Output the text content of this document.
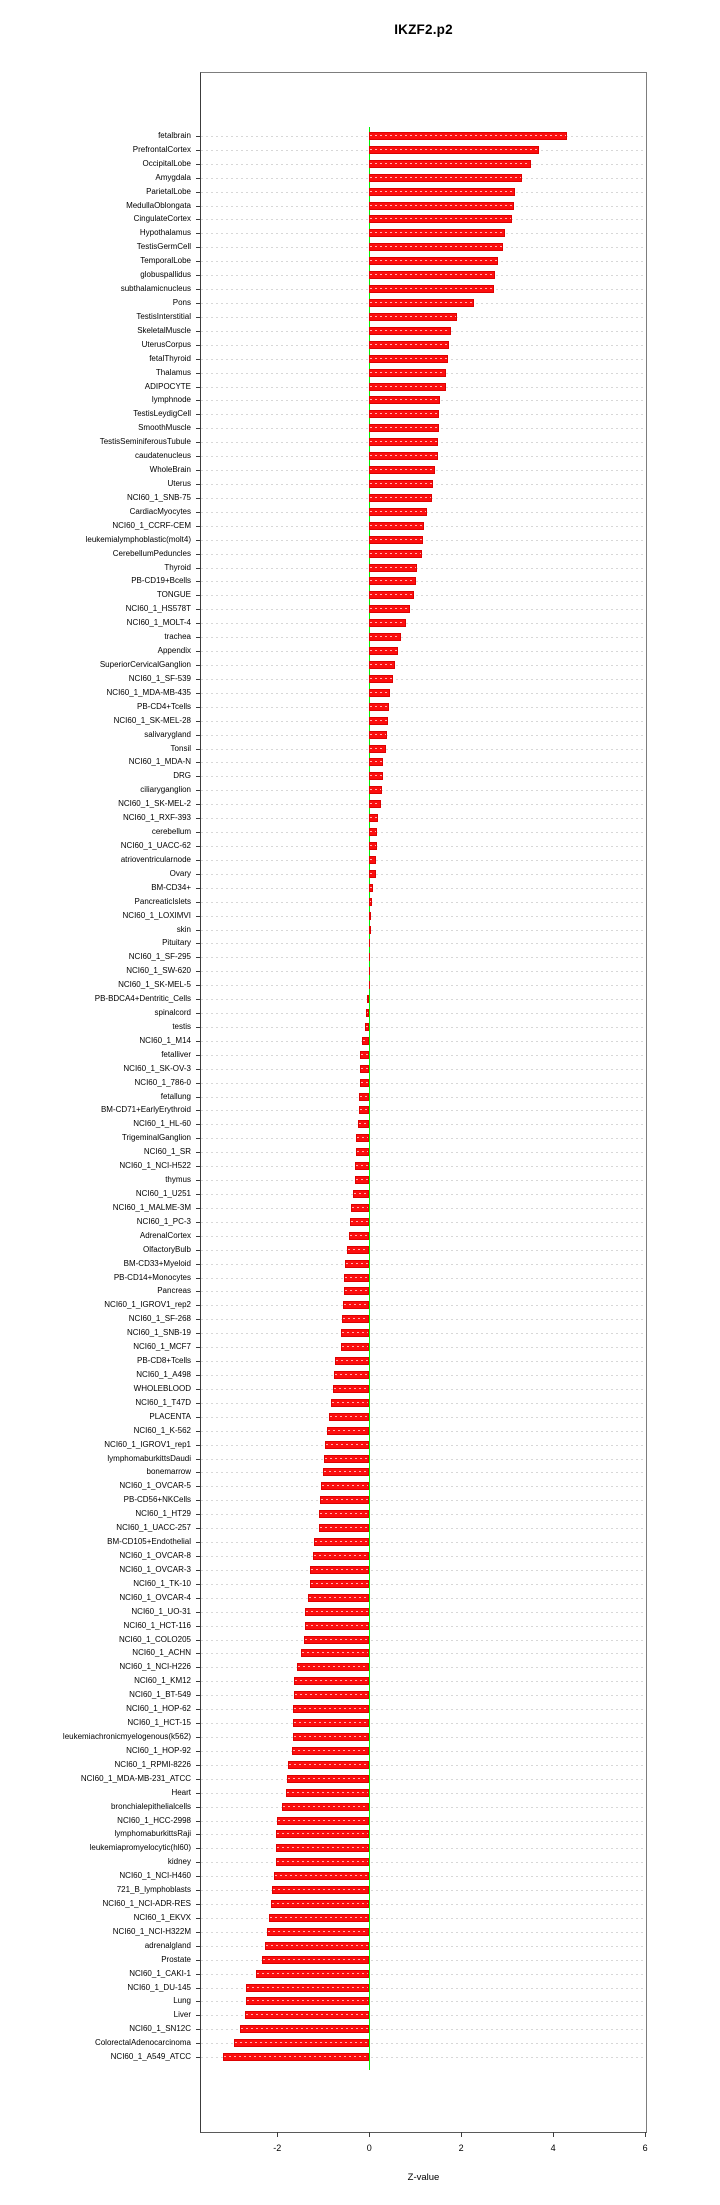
IKZF2.p2
fetalbrain
PrefrontalCortex
OccipitalLobe
Amygdala
ParietalLobe
MedullaOblongata
CingulateCortex
Hypothalamus
TestisGermCell
TemporalLobe
globuspallidus
subthalamicnucleus
Pons
TestisInterstitial
SkeletalMuscle
UterusCorpus
fetalThyroid
Thalamus
ADIPOCYTE
lymphnode
TestisLeydigCell
SmoothMuscle
TestisSeminiferousTubule
caudatenucleus
WholeBrain
Uterus
NCI60_1_SNB-75
CardiacMyocytes
NCI60_1_CCRF-CEM
leukemialymphoblastic(molt4)
CerebellumPeduncles
Thyroid
PB-CD19+Bcells
TONGUE
NCI60_1_HS578T
NCI60_1_MOLT-4
trachea
Appendix
SuperiorCervicalGanglion
NCI60_1_SF-539
NCI60_1_MDA-MB-435
PB-CD4+Tcells
NCI60_1_SK-MEL-28
salivarygland
Tonsil
NCI60_1_MDA-N
DRG
ciliaryganglion
NCI60_1_SK-MEL-2
NCI60_1_RXF-393
cerebellum
NCI60_1_UACC-62
atrioventricularnode
Ovary
BM-CD34+
PancreaticIslets
NCI60_1_LOXIMVI
skin
Pituitary
NCI60_1_SF-295
NCI60_1_SW-620
NCI60_1_SK-MEL-5
PB-BDCA4+Dentritic_Cells
spinalcord
testis
NCI60_1_M14
fetalliver
NCI60_1_SK-OV-3
NCI60_1_786-0
fetallung
BM-CD71+EarlyErythroid
NCI60_1_HL-60
TrigeminalGanglion
NCI60_1_SR
NCI60_1_NCI-H522
thymus
NCI60_1_U251
NCI60_1_MALME-3M
NCI60_1_PC-3
AdrenalCortex
OlfactoryBulb
BM-CD33+Myeloid
PB-CD14+Monocytes
Pancreas
NCI60_1_IGROV1_rep2
NCI60_1_SF-268
NCI60_1_SNB-19
NCI60_1_MCF7
PB-CD8+Tcells
NCI60_1_A498
WHOLEBLOOD
NCI60_1_T47D
PLACENTA
NCI60_1_K-562
NCI60_1_IGROV1_rep1
lymphomaburkittsDaudi
bonemarrow
NCI60_1_OVCAR-5
PB-CD56+NKCells
NCI60_1_HT29
NCI60_1_UACC-257
BM-CD105+Endothelial
NCI60_1_OVCAR-8
NCI60_1_OVCAR-3
NCI60_1_TK-10
NCI60_1_OVCAR-4
NCI60_1_UO-31
NCI60_1_HCT-116
NCI60_1_COLO205
NCI60_1_ACHN
NCI60_1_NCI-H226
NCI60_1_KM12
NCI60_1_BT-549
NCI60_1_HOP-62
NCI60_1_HCT-15
leukemiachronicmyelogenous(k562)
NCI60_1_HOP-92
NCI60_1_RPMI-8226
NCI60_1_MDA-MB-231_ATCC
Heart
bronchialepithelialcells
NCI60_1_HCC-2998
lymphomaburkittsRaji
leukemiapromyelocytic(hl60)
kidney
NCI60_1_NCI-H460
721_B_lymphoblasts
NCI60_1_NCI-ADR-RES
NCI60_1_EKVX
NCI60_1_NCI-H322M
adrenalgland
Prostate
NCI60_1_CAKI-1
NCI60_1_DU-145
Lung
Liver
NCI60_1_SN12C
ColorectalAdenocarcinoma
NCI60_1_A549_ATCC
-2	0	2	4	6
Z-value
